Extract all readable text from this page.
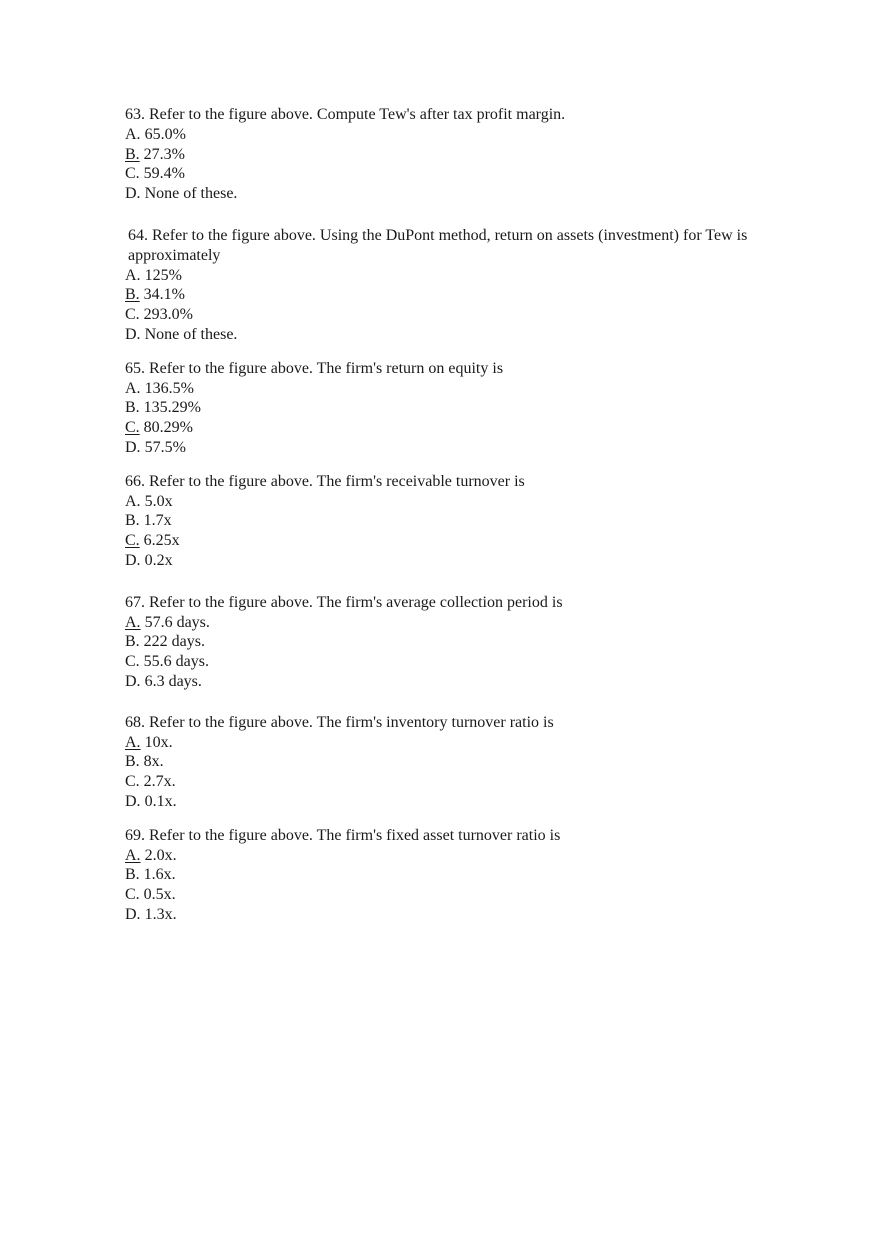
63. Refer to the figure above. Compute Tew's after tax profit margin.
A. 65.0%
B. 27.3%
C. 59.4%
D. None of these.
64. Refer to the figure above. Using the DuPont method, return on assets (investment) for Tew is approximately
A. 125%
B. 34.1%
C. 293.0%
D. None of these.
65. Refer to the figure above. The firm's return on equity is
A. 136.5%
B. 135.29%
C. 80.29%
D. 57.5%
66. Refer to the figure above. The firm's receivable turnover is
A. 5.0x
B. 1.7x
C. 6.25x
D. 0.2x
67. Refer to the figure above. The firm's average collection period is
A. 57.6 days.
B. 222 days.
C. 55.6 days.
D. 6.3 days.
68. Refer to the figure above. The firm's inventory turnover ratio is
A. 10x.
B. 8x.
C. 2.7x.
D. 0.1x.
69. Refer to the figure above. The firm's fixed asset turnover ratio is
A. 2.0x.
B. 1.6x.
C. 0.5x.
D. 1.3x.
